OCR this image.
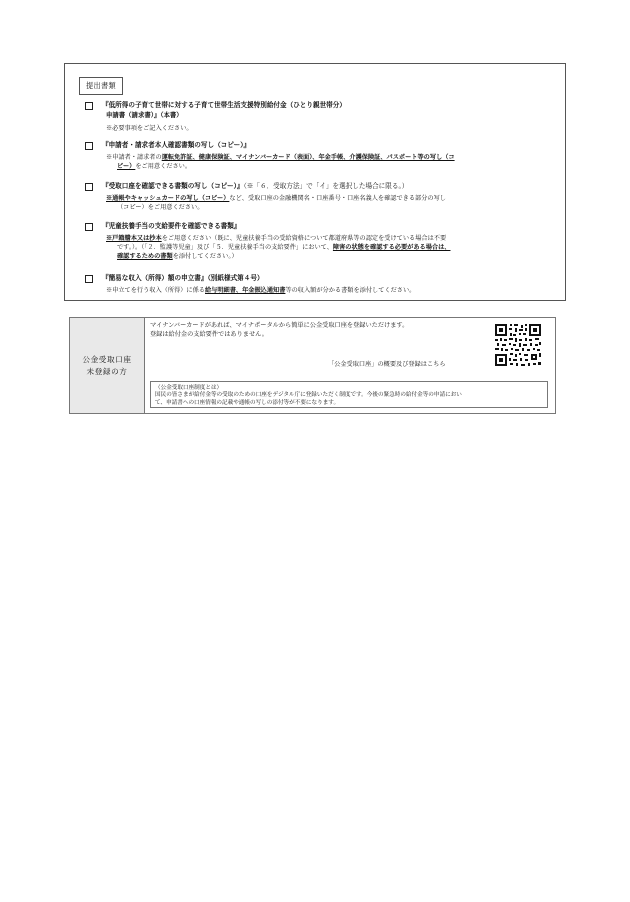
提出書類
『低所得の子育て世帯に対する子育て世帯生活支援特別給付金（ひとり親世帯分）
申請書（請求書）』（本書）
※必要事項をご記入ください。
『申請者・請求者本人確認書類の写し（コピー）』
※申請者・請求者の運転免許証、健康保険証、マイナンバーカード（表面）、年金手帳、介護保険証、パスポート等の写し（コ
ピー）をご用意ください。
『受取口座を確認できる書類の写し（コピー）』（※「６．受取方法」で「イ」を選択した場合に限る。）
※通帳やキャッシュカードの写し（コピー）など、受取口座の金融機関名・口座番号・口座名義人を確認できる部分の写し
（コピー）をご用意ください。
『児童扶養手当の支給要件を確認できる書類』
※戸籍謄本又は抄本をご用意ください（既に、児童扶養手当の受給資格について都道府県等の認定を受けている場合は不要
です。）。（「２．監護等児童」及び「５．児童扶養手当の支給要件」において、障害の状態を確認する必要がある場合は、
確認するための書類を添付してください。）
『簡易な収入（所得）額の申立書』（別紙様式第４号）
※申立てを行う収入（所得）に係る給与明細書、年金振込通知書等の収入額が分かる書類を添付してください。
公金受取口座
未登録の方
マイナンバーカードがあれば、マイナポータルから簡単に公金受取口座を登録いただけます。
登録は給付金の支給要件ではありません。
「公金受取口座」の概要及び登録はこちら
（公金受取口座制度とは）
国民の皆さまが給付金等の受取のための口座をデジタル庁に登録いただく制度です。今後の緊急時の給付金等の申請におい
て、申請書への口座情報の記載や通帳の写しの添付等が不要になります。
